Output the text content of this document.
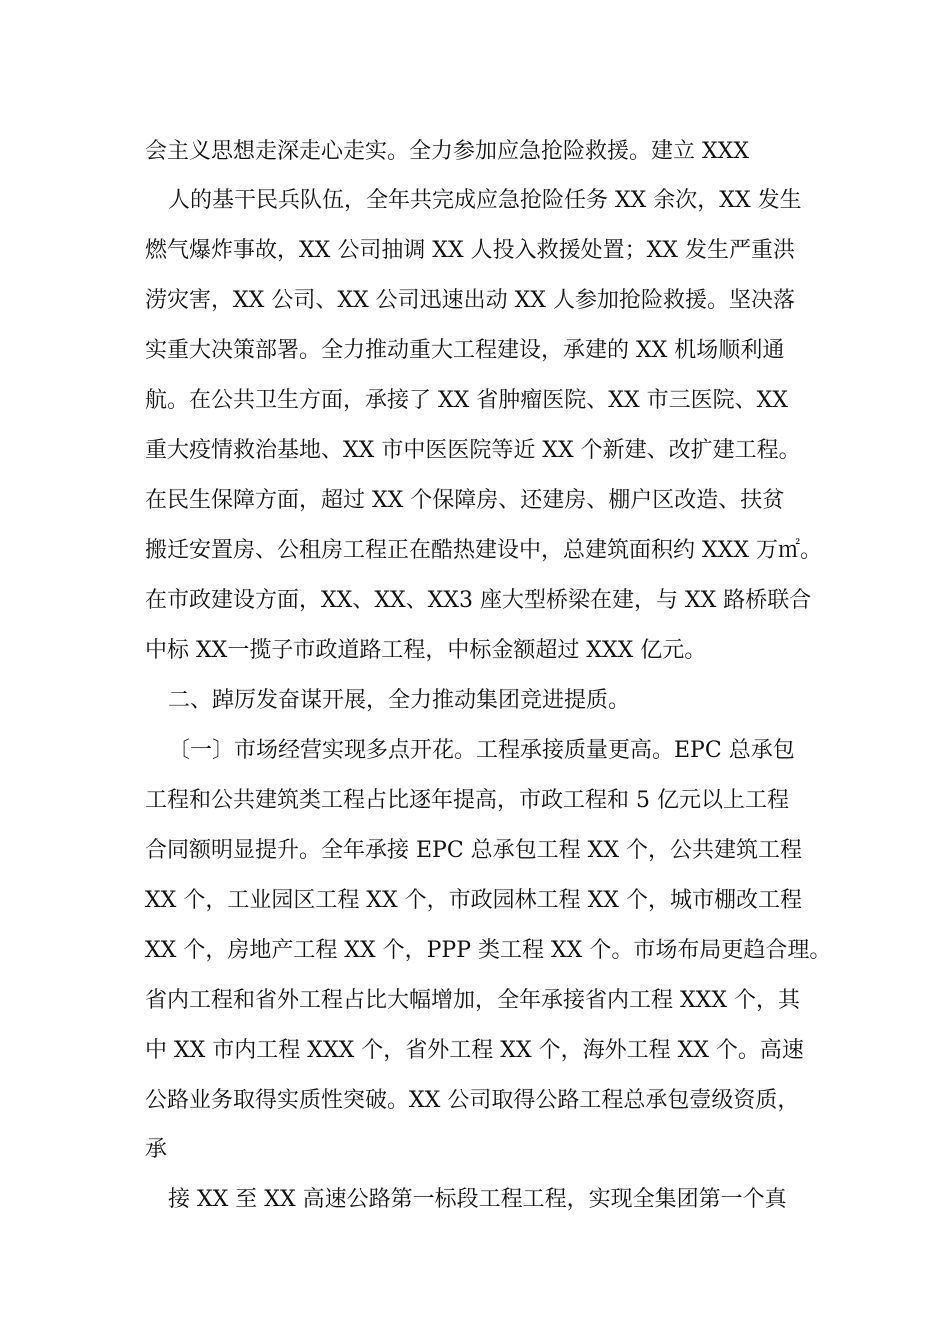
会主义思想走深走心走实。全力参加应急抢险救援。建立 XXX
人的基干民兵队伍，全年共完成应急抢险任务 XX 余次，XX 发生
燃气爆炸事故，XX 公司抽调 XX 人投入救援处置；XX 发生严重洪
涝灾害，XX 公司、XX 公司迅速出动 XX 人参加抢险救援。坚决落
实重大决策部署。全力推动重大工程建设，承建的 XX 机场顺利通
航。在公共卫生方面，承接了 XX 省肿瘤医院、XX 市三医院、XX
重大疫情救治基地、XX 市中医医院等近 XX 个新建、改扩建工程。
在民生保障方面，超过 XX 个保障房、还建房、棚户区改造、扶贫
搬迁安置房、公租房工程正在酷热建设中，总建筑面积约 XXX 万㎡。
在市政建设方面，XX、XX、XX3 座大型桥梁在建，与 XX 路桥联合
中标 XX一揽子市政道路工程，中标金额超过 XXX 亿元。
二、踔厉发奋谋开展，全力推动集团竞进提质。
〔一〕市场经营实现多点开花。工程承接质量更高。EPC 总承包
工程和公共建筑类工程占比逐年提高，市政工程和 5 亿元以上工程
合同额明显提升。全年承接 EPC 总承包工程 XX 个，公共建筑工程
XX 个，工业园区工程 XX 个，市政园林工程 XX 个，城市棚改工程
XX 个，房地产工程 XX 个，PPP 类工程 XX 个。市场布局更趋合理。
省内工程和省外工程占比大幅增加，全年承接省内工程 XXX 个，其
中 XX 市内工程 XXX 个，省外工程 XX 个，海外工程 XX 个。高速
公路业务取得实质性突破。XX 公司取得公路工程总承包壹级资质，
承
接 XX 至 XX 高速公路第一标段工程工程，实现全集团第一个真
